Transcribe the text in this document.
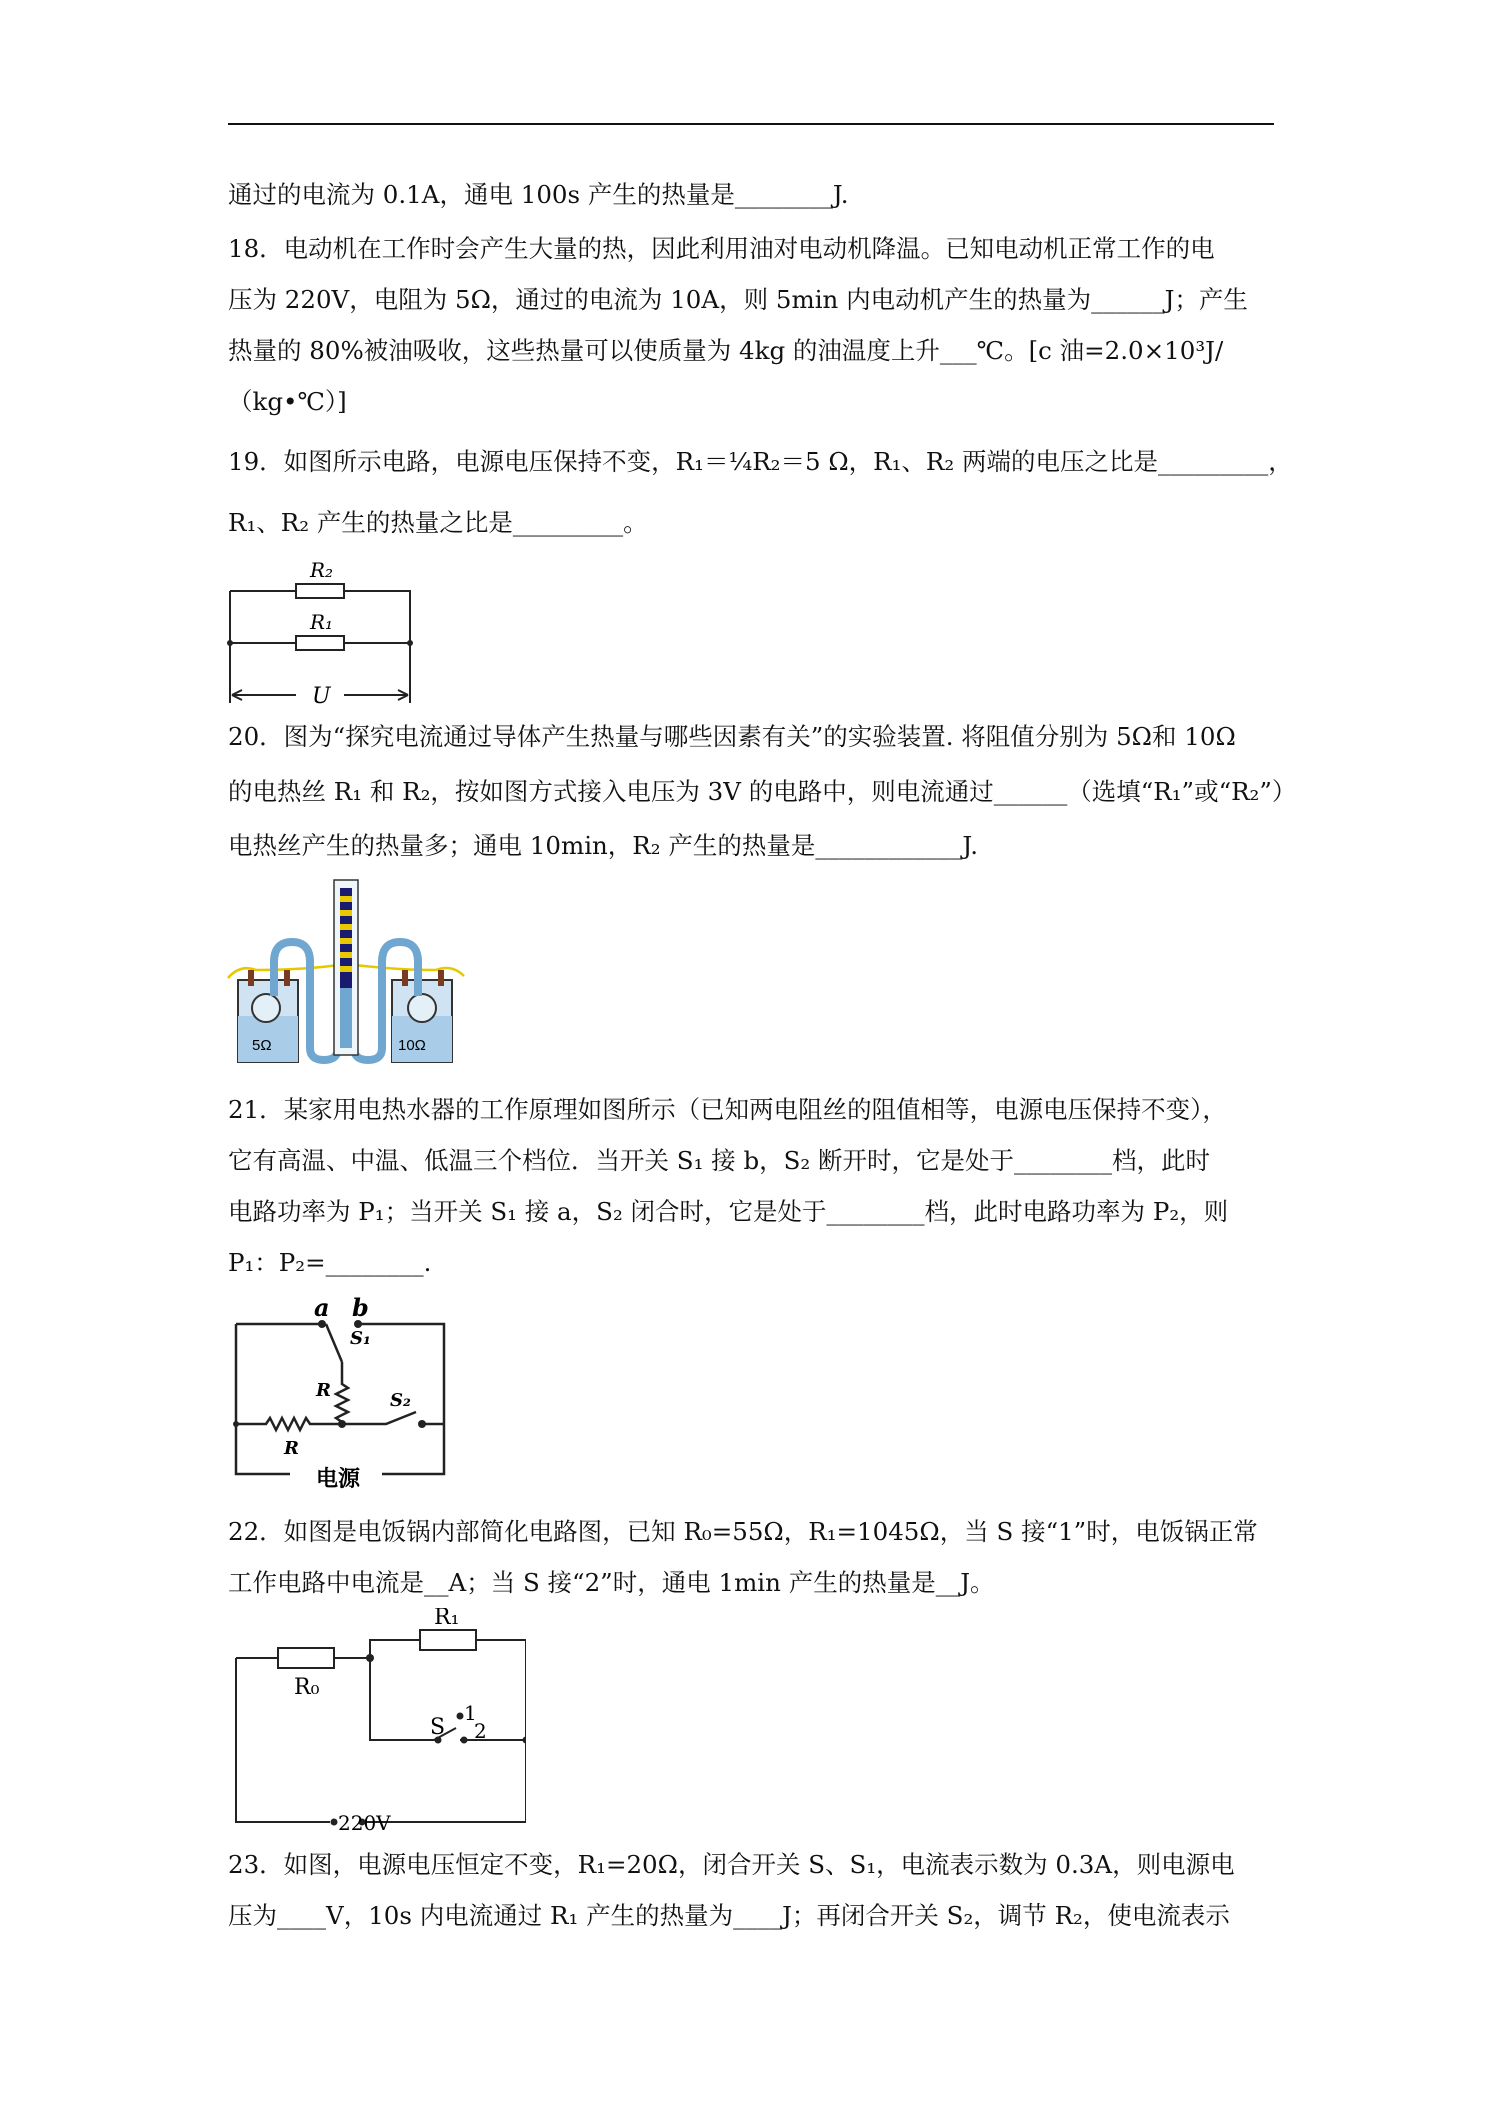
通过的电流为 0.1A，通电 100s 产生的热量是________J.
18．电动机在工作时会产生大量的热，因此利用油对电动机降温。已知电动机正常工作的电
压为 220V，电阻为 5Ω，通过的电流为 10A，则 5min 内电动机产生的热量为______J；产生
热量的 80%被油吸收，这些热量可以使质量为 4kg 的油温度上升___℃。[c 油=2.0×10³J/
（kg•℃）]
19．如图所示电路，电源电压保持不变，R₁＝¼R₂＝5 Ω，R₁、R₂ 两端的电压之比是_________，
R₁、R₂ 产生的热量之比是_________。
R₂
R₁
U
20．图为“探究电流通过导体产生热量与哪些因素有关”的实验装置. 将阻值分别为 5Ω和 10Ω
的电热丝 R₁ 和 R₂，按如图方式接入电压为 3V 的电路中，则电流通过______（选填“R₁”或“R₂”）
电热丝产生的热量多；通电 10min，R₂ 产生的热量是____________J.
5Ω	10Ω
21．某家用电热水器的工作原理如图所示（已知两电阻丝的阻值相等，电源电压保持不变），
它有高温、中温、低温三个档位．当开关 S₁ 接 b，S₂ 断开时，它是处于________档，此时
电路功率为 P₁；当开关 S₁ 接 a，S₂ 闭合时，它是处于________档，此时电路功率为 P₂，则
P₁：P₂=________.
a b
S₁
R	S₂
R
电源
22．如图是电饭锅内部简化电路图，已知 R₀=55Ω，R₁=1045Ω，当 S 接“1”时，电饭锅正常
工作电路中电流是__A；当 S 接“2”时，通电 1min 产生的热量是__J。
R₁
R₀
S
1
2
220V
23．如图，电源电压恒定不变，R₁=20Ω，闭合开关 S、S₁，电流表示数为 0.3A，则电源电
压为____V，10s 内电流通过 R₁ 产生的热量为____J；再闭合开关 S₂，调节 R₂，使电流表示
